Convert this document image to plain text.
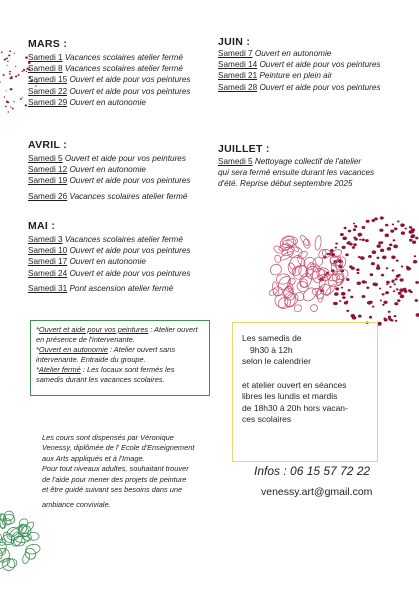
MARS :
Samedi 1 Vacances scolaires atelier fermé
Samedi 8 Vacances scolaires atelier fermé
Samedi 15 Ouvert et aide pour vos peintures
Samedi 22 Ouvert et aide pour vos peintures
Samedi 29 Ouvert en autonomie
AVRIL :
Samedi 5 Ouvert et aide pour vos peintures
Samedi 12 Ouvert en autonomie
Samedi 19 Ouvert et aide pour vos peintures
Samedi 26 Vacances scolaires atelier fermé
MAI :
Samedi 3 Vacances scolaires atelier fermé
Samedi 10 Ouvert et aide pour vos peintures
Samedi 17 Ouvert en autonomie
Samedi 24 Ouvert et aide pour vos peintures
Samedi 31 Pont ascension atelier fermé
JUIN :
Samedi 7 Ouvert en autonomie
Samedi 14 Ouvert et aide pour vos peintures
Samedi 21 Peinture en plein air
Samedi 28 Ouvert et aide pour vos peintures
JUILLET :
Samedi 5 Nettoyage collectif de l'atelier
qui sera fermé ensuite durant les vacances
d'été. Reprise début septembre 2025
*Ouvert et aide pour vos peintures : Atelier ouvert en présence de l'intervenante.
*Ouvert en autonomie : Atelier ouvert sans intervenante. Entraide du groupe.
*Atelier fermé : Les locaux sont fermés les samedis durant les vacances scolaires.
Les samedis de
9h30 à 12h
selon le calendrier
et atelier ouvert en séances
libres les lundis et mardis
de 18h30 à 20h hors vacan-
ces scolaires
Les cours sont dispensés par Véronique
Venessy, diplômée de l' Ecole d'Enseignement
aux Arts appliqués et à l'Image.
Pour tout niveaux adultes, souhaitant trouver
de l'aide pour mener des projets de peinture
et être guidé suivant ses besoins dans une
ambiance conviviale.
Infos : 06 15 57 72 22
venessy.art@gmail.com
